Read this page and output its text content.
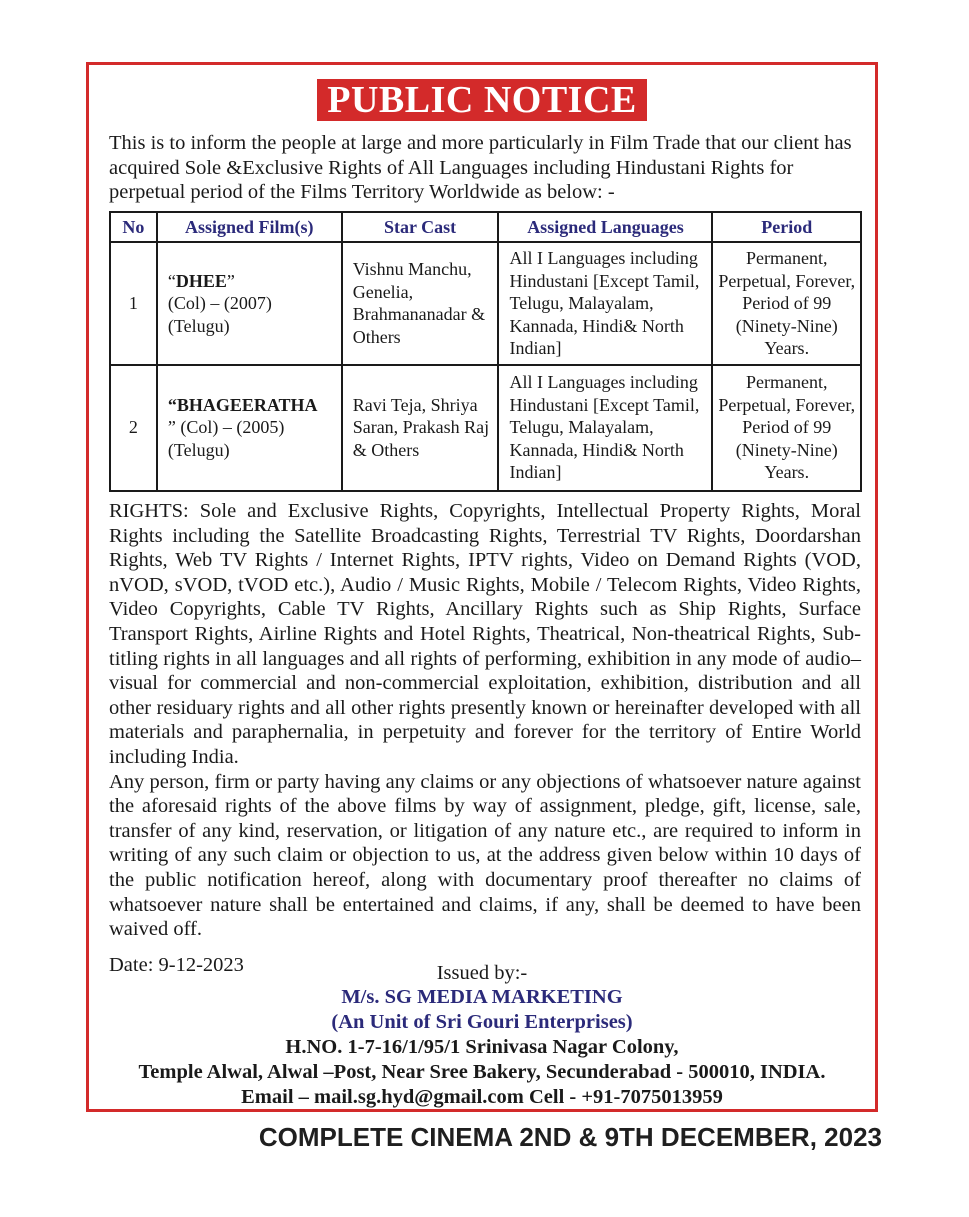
PUBLIC NOTICE

This is to inform the people at large and more particularly in Film Trade that our client has acquired Sole &Exclusive Rights of All Languages including Hindustani Rights for perpetual period of the Films Territory Worldwide as below: -

No	Assigned Film(s)	Star Cast	Assigned Languages	Period
1	“DHEE”
(Col) – (2007)
(Telugu)	Vishnu Manchu, Genelia, Brahmananadar & Others	All I Languages including Hindustani [Except Tamil, Telugu, Malayalam, Kannada, Hindi& North Indian]	Permanent, Perpetual, Forever, Period of 99 (Ninety-Nine) Years.
2	“BHAGEERATHA
” (Col) – (2005)
(Telugu)	Ravi Teja, Shriya Saran, Prakash Raj & Others	All I Languages including Hindustani [Except Tamil, Telugu, Malayalam, Kannada, Hindi& North Indian]	Permanent, Perpetual, Forever, Period of 99 (Ninety-Nine) Years.

RIGHTS: Sole and Exclusive Rights, Copyrights, Intellectual Property Rights, Moral Rights including the Satellite Broadcasting Rights, Terrestrial TV Rights, Doordarshan Rights, Web TV Rights / Internet Rights, IPTV rights, Video on Demand Rights (VOD, nVOD, sVOD, tVOD etc.), Audio / Music Rights, Mobile / Telecom Rights, Video Rights, Video Copyrights, Cable TV Rights, Ancillary Rights such as Ship Rights, Surface Transport Rights, Airline Rights and Hotel Rights, Theatrical, Non-theatrical Rights, Sub-titling rights in all languages and all rights of performing, exhibition in any mode of audio–visual for commercial and non-commercial exploitation, exhibition, distribution and all other residuary rights and all other rights presently known or hereinafter developed with all materials and paraphernalia, in perpetuity and forever for the territory of Entire World including India.

Any person, firm or party having any claims or any objections of whatsoever nature against the aforesaid rights of the above films by way of assignment, pledge, gift, license, sale, transfer of any kind, reservation, or litigation of any nature etc., are required to inform in writing of any such claim or objection to us, at the address given below within 10 days of the public notification hereof, along with documentary proof thereafter no claims of whatsoever nature shall be entertained and claims, if any, shall be deemed to have been waived off.

Date: 9-12-2023	Issued by:-
M/s. SG MEDIA MARKETING
(An Unit of Sri Gouri Enterprises)
H.NO. 1-7-16/1/95/1 Srinivasa Nagar Colony,
Temple Alwal, Alwal –Post, Near Sree Bakery, Secunderabad - 500010, INDIA.
Email – mail.sg.hyd@gmail.com Cell - +91-7075013959
COMPLETE CINEMA 2ND & 9TH DECEMBER, 2023
